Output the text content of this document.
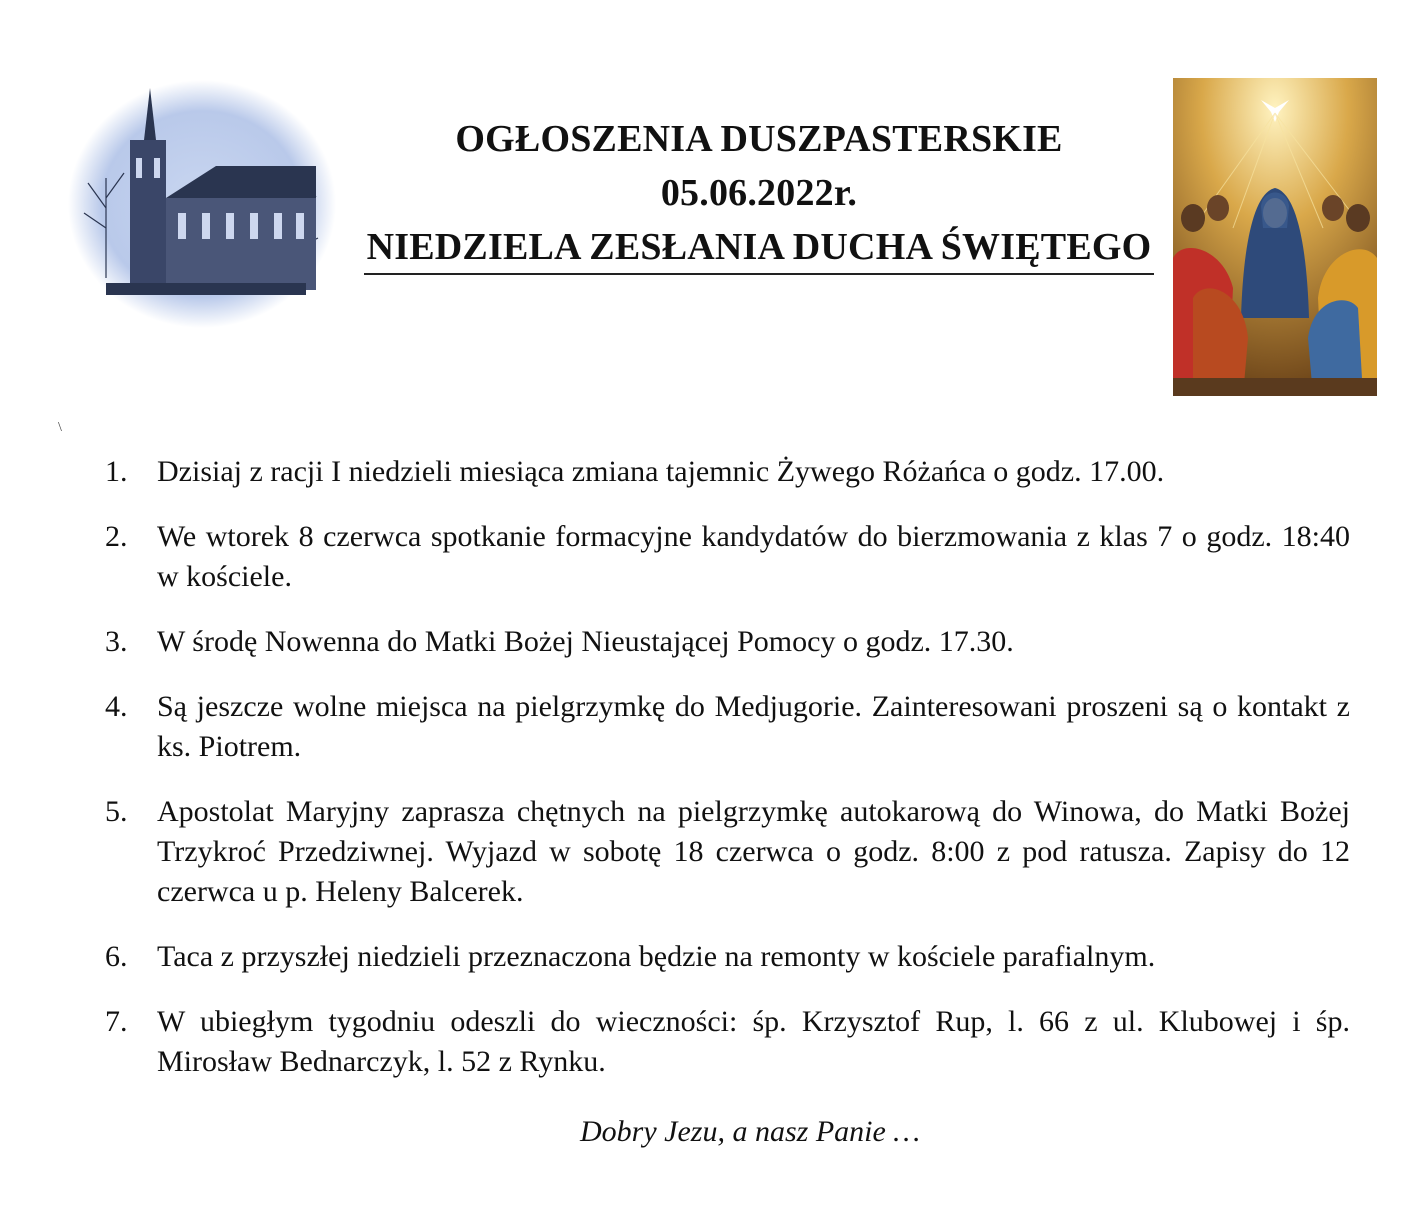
OGŁOSZENIA DUSZPASTERSKIE
05.06.2022r.
NIEDZIELA ZESŁANIA DUCHA ŚWIĘTEGO
\
1. Dzisiaj z racji I niedzieli miesiąca zmiana tajemnic Żywego Różańca o godz. 17.00.
2. We wtorek 8 czerwca spotkanie formacyjne kandydatów do bierzmowania z klas 7 o godz. 18:40 w kościele.
3. W środę Nowenna do Matki Bożej Nieustającej Pomocy o godz. 17.30.
4. Są jeszcze wolne miejsca na pielgrzymkę do Medjugorie. Zainteresowani proszeni są o kontakt z ks. Piotrem.
5. Apostolat Maryjny zaprasza chętnych na pielgrzymkę autokarową do Winowa, do Matki Bożej Trzykroć Przedziwnej. Wyjazd w sobotę 18 czerwca o godz. 8:00 z pod ratusza. Zapisy do 12 czerwca u p. Heleny Balcerek.
6. Taca z przyszłej niedzieli przeznaczona będzie na remonty w kościele parafialnym.
7. W ubiegłym tygodniu odeszli do wieczności: śp. Krzysztof Rup, l. 66 z ul. Klubowej i śp. Mirosław Bednarczyk, l. 52 z Rynku.
Dobry Jezu, a nasz Panie …
